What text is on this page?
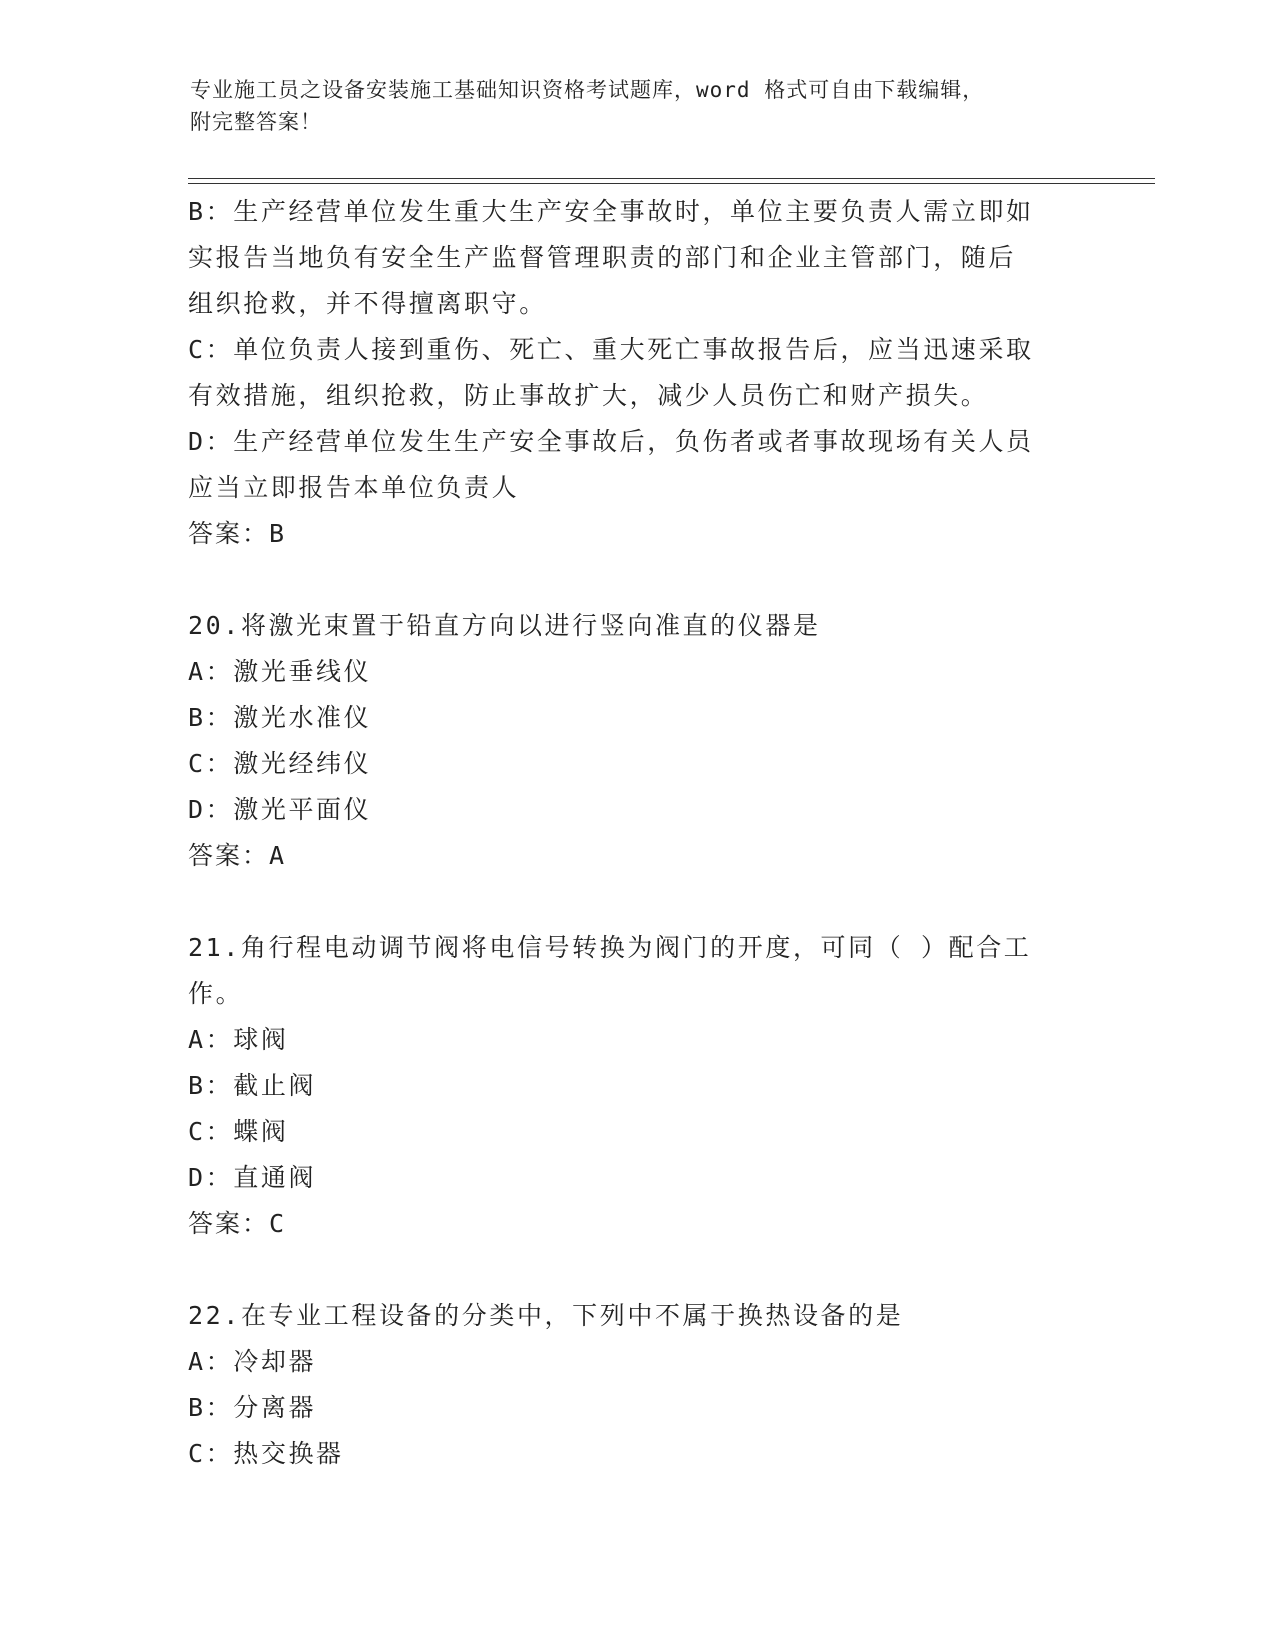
专业施工员之设备安装施工基础知识资格考试题库，word 格式可自由下载编辑，
附完整答案！
B：生产经营单位发生重大生产安全事故时，单位主要负责人需立即如
实报告当地负有安全生产监督管理职责的部门和企业主管部门，随后
组织抢救，并不得擅离职守。
C：单位负责人接到重伤、死亡、重大死亡事故报告后，应当迅速采取
有效措施，组织抢救，防止事故扩大，减少人员伤亡和财产损失。
D：生产经营单位发生生产安全事故后，负伤者或者事故现场有关人员
应当立即报告本单位负责人
答案：B
20.将激光束置于铅直方向以进行竖向准直的仪器是
A：激光垂线仪
B：激光水准仪
C：激光经纬仪
D：激光平面仪
答案：A
21.角行程电动调节阀将电信号转换为阀门的开度，可同（ ）配合工
作。
A：球阀
B：截止阀
C：蝶阀
D：直通阀
答案：C
22.在专业工程设备的分类中，下列中不属于换热设备的是
A：冷却器
B：分离器
C：热交换器
